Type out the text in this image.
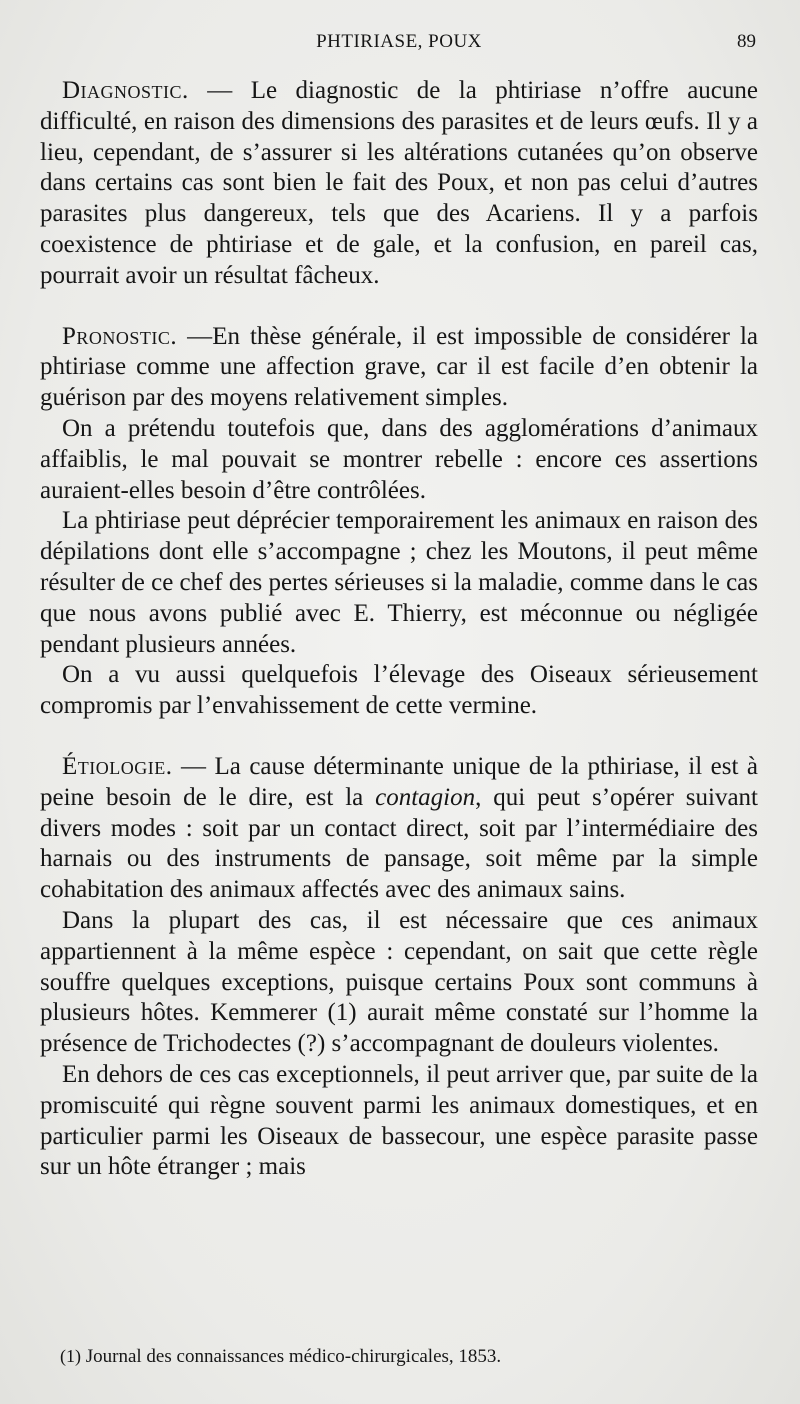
PHTIRIASE, POUX	89

Diagnostic. — Le diagnostic de la phtiriase n’offre aucune difficulté, en raison des dimensions des parasites et de leurs œufs. Il y a lieu, cependant, de s’assurer si les altérations cutanées qu’on observe dans certains cas sont bien le fait des Poux, et non pas celui d’autres parasites plus dangereux, tels que des Acariens. Il y a parfois coexistence de phtiriase et de gale, et la confusion, en pareil cas, pourrait avoir un résultat fâcheux.

Pronostic. —En thèse générale, il est impossible de considérer la phtiriase comme une affection grave, car il est facile d’en obtenir la guérison par des moyens relativement simples.

On a prétendu toutefois que, dans des agglomérations d’animaux affaiblis, le mal pouvait se montrer rebelle : encore ces assertions auraient-elles besoin d’être contrôlées.

La phtiriase peut déprécier temporairement les animaux en raison des dépilations dont elle s’accompagne ; chez les Moutons, il peut même résulter de ce chef des pertes sérieuses si la maladie, comme dans le cas que nous avons publié avec E. Thierry, est méconnue ou négligée pendant plusieurs années.

On a vu aussi quelquefois l’élevage des Oiseaux sérieusement compromis par l’envahissement de cette vermine.

Étiologie. — La cause déterminante unique de la pthiriase, il est à peine besoin de le dire, est la contagion, qui peut s’opérer suivant divers modes : soit par un contact direct, soit par l’intermédiaire des harnais ou des instruments de pansage, soit même par la simple cohabitation des animaux affectés avec des animaux sains.

Dans la plupart des cas, il est nécessaire que ces animaux appartiennent à la même espèce : cependant, on sait que cette règle souffre quelques exceptions, puisque certains Poux sont communs à plusieurs hôtes. Kemmerer (1) aurait même constaté sur l’homme la présence de Trichodectes (?) s’accompagnant de douleurs violentes.

En dehors de ces cas exceptionnels, il peut arriver que, par suite de la promiscuité qui règne souvent parmi les animaux domestiques, et en particulier parmi les Oiseaux de bassecour, une espèce parasite passe sur un hôte étranger ; mais

(1) Journal des connaissances médico-chirurgicales, 1853.
